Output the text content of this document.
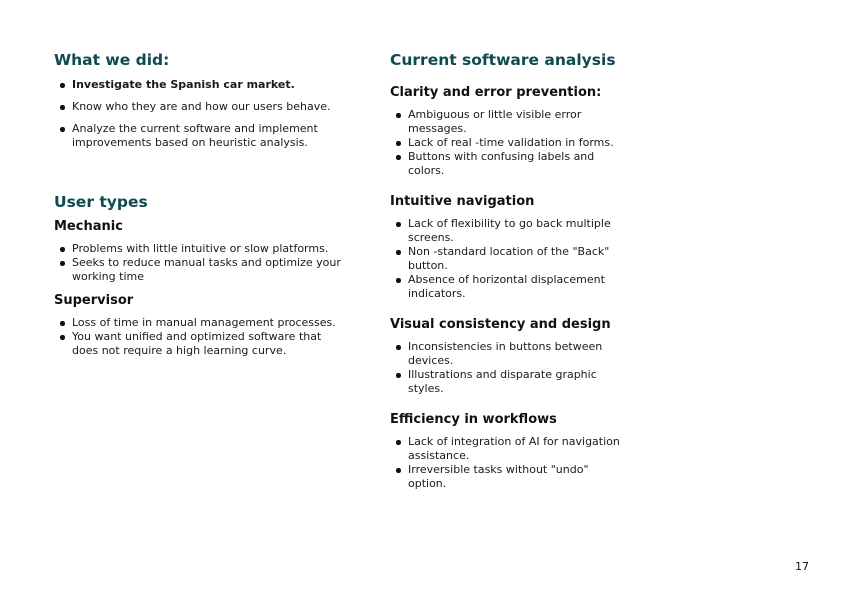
What we did:
Investigate the Spanish car market.
Know who they are and how our users behave.
Analyze the current software and implement improvements based on heuristic analysis.
User types
Mechanic
Problems with little intuitive or slow platforms.
Seeks to reduce manual tasks and optimize your working time
Supervisor
Loss of time in manual management processes.
You want unified and optimized software that does not require a high learning curve.
Current software analysis
Clarity and error prevention:
Ambiguous or little visible error messages.
Lack of real -time validation in forms.
Buttons with confusing labels and colors.
Intuitive navigation
Lack of flexibility to go back multiple screens.
Non -standard location of the "Back" button.
Absence of horizontal displacement indicators.
Visual consistency and design
Inconsistencies in buttons between devices.
Illustrations and disparate graphic styles.
Efficiency in workflows
Lack of integration of AI for navigation assistance.
Irreversible tasks without "undo" option.
17
